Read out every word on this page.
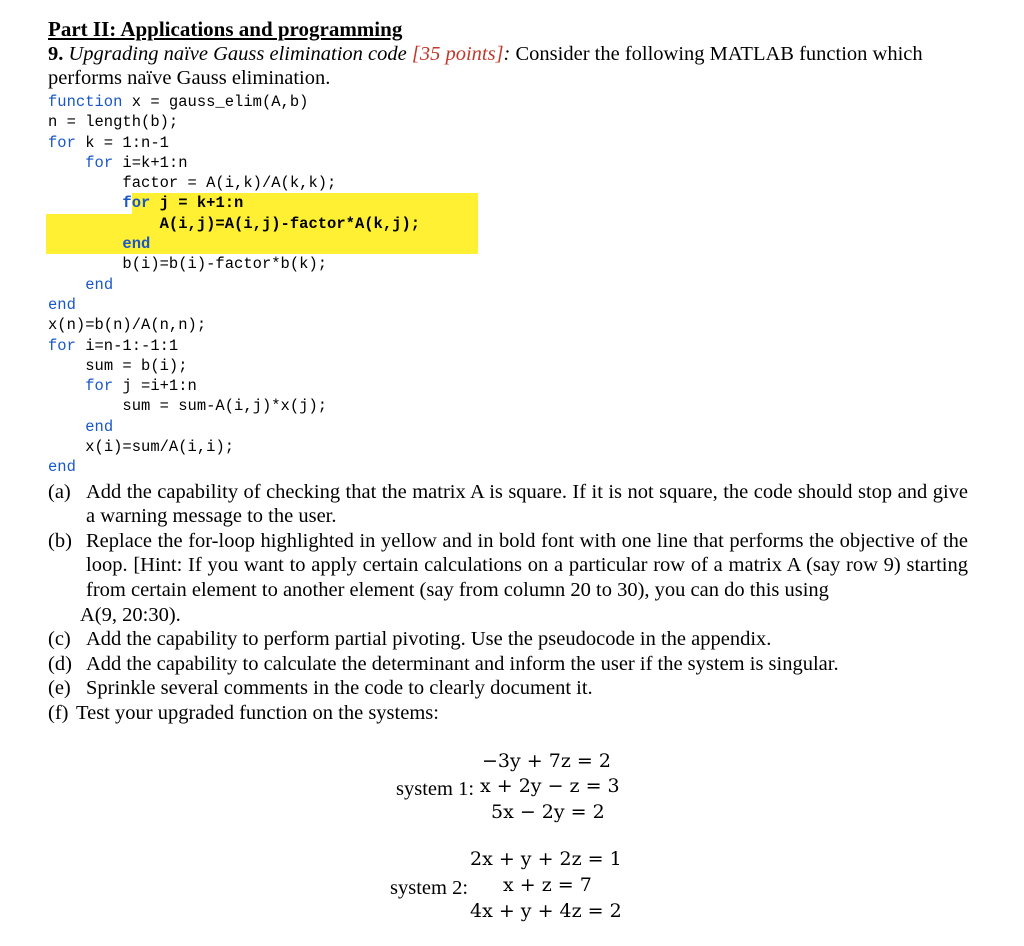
Part II: Applications and programming

9. Upgrading naïve Gauss elimination code [35 points]: Consider the following MATLAB function which
performs naïve Gauss elimination.

function x = gauss_elim(A,b)
n = length(b);
for k = 1:n-1
for i=k+1:n
factor = A(i,k)/A(k,k);
for j = k+1:n
A(i,j)=A(i,j)-factor*A(k,j);
end
b(i)=b(i)-factor*b(k);
end
end
x(n)=b(n)/A(n,n);
for i=n-1:-1:1
sum = b(i);
for j =i+1:n
sum = sum-A(i,j)*x(j);
end
x(i)=sum/A(i,i);
end
(a) Add the capability of checking that the matrix A is square. If it is not square, the code should stop and give a warning message to the user.
(b) Replace the for-loop highlighted in yellow and in bold font with one line that performs the objective of the loop. [Hint: If you want to apply certain calculations on a particular row of a matrix A (say row 9) starting from certain element to another element (say from column 20 to 30), you can do this using
A(9, 20:30).
(c) Add the capability to perform partial pivoting. Use the pseudocode in the appendix.
(d) Add the capability to calculate the determinant and inform the user if the system is singular.
(e) Sprinkle several comments in the code to clearly document it.
(f) Test your upgraded function on the systems:
−3y + 7z = 2
system 1: x + 2y − z = 3
5x − 2y = 2
2x + y + 2z = 1
system 2: x + z = 7
4x + y + 4z = 2
